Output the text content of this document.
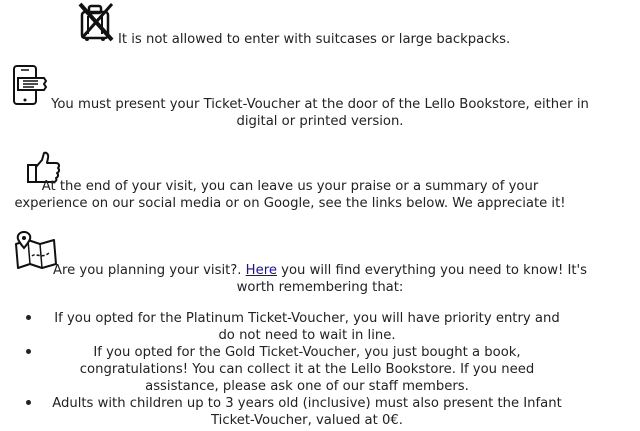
It is not allowed to enter with suitcases or large backpacks.
You must present your Ticket-Voucher at the door of the Lello Bookstore, either in digital or printed version.
At the end of your visit, you can leave us your praise or a summary of your experience on our social media or on Google, see the links below. We appreciate it!
Are you planning your visit?. Here you will find everything you need to know! It's worth remembering that:
If you opted for the Platinum Ticket-Voucher, you will have priority entry and do not need to wait in line.
If you opted for the Gold Ticket-Voucher, you just bought a book, congratulations! You can collect it at the Lello Bookstore. If you need assistance, please ask one of our staff members.
Adults with children up to 3 years old (inclusive) must also present the Infant Ticket-Voucher, valued at 0€.
